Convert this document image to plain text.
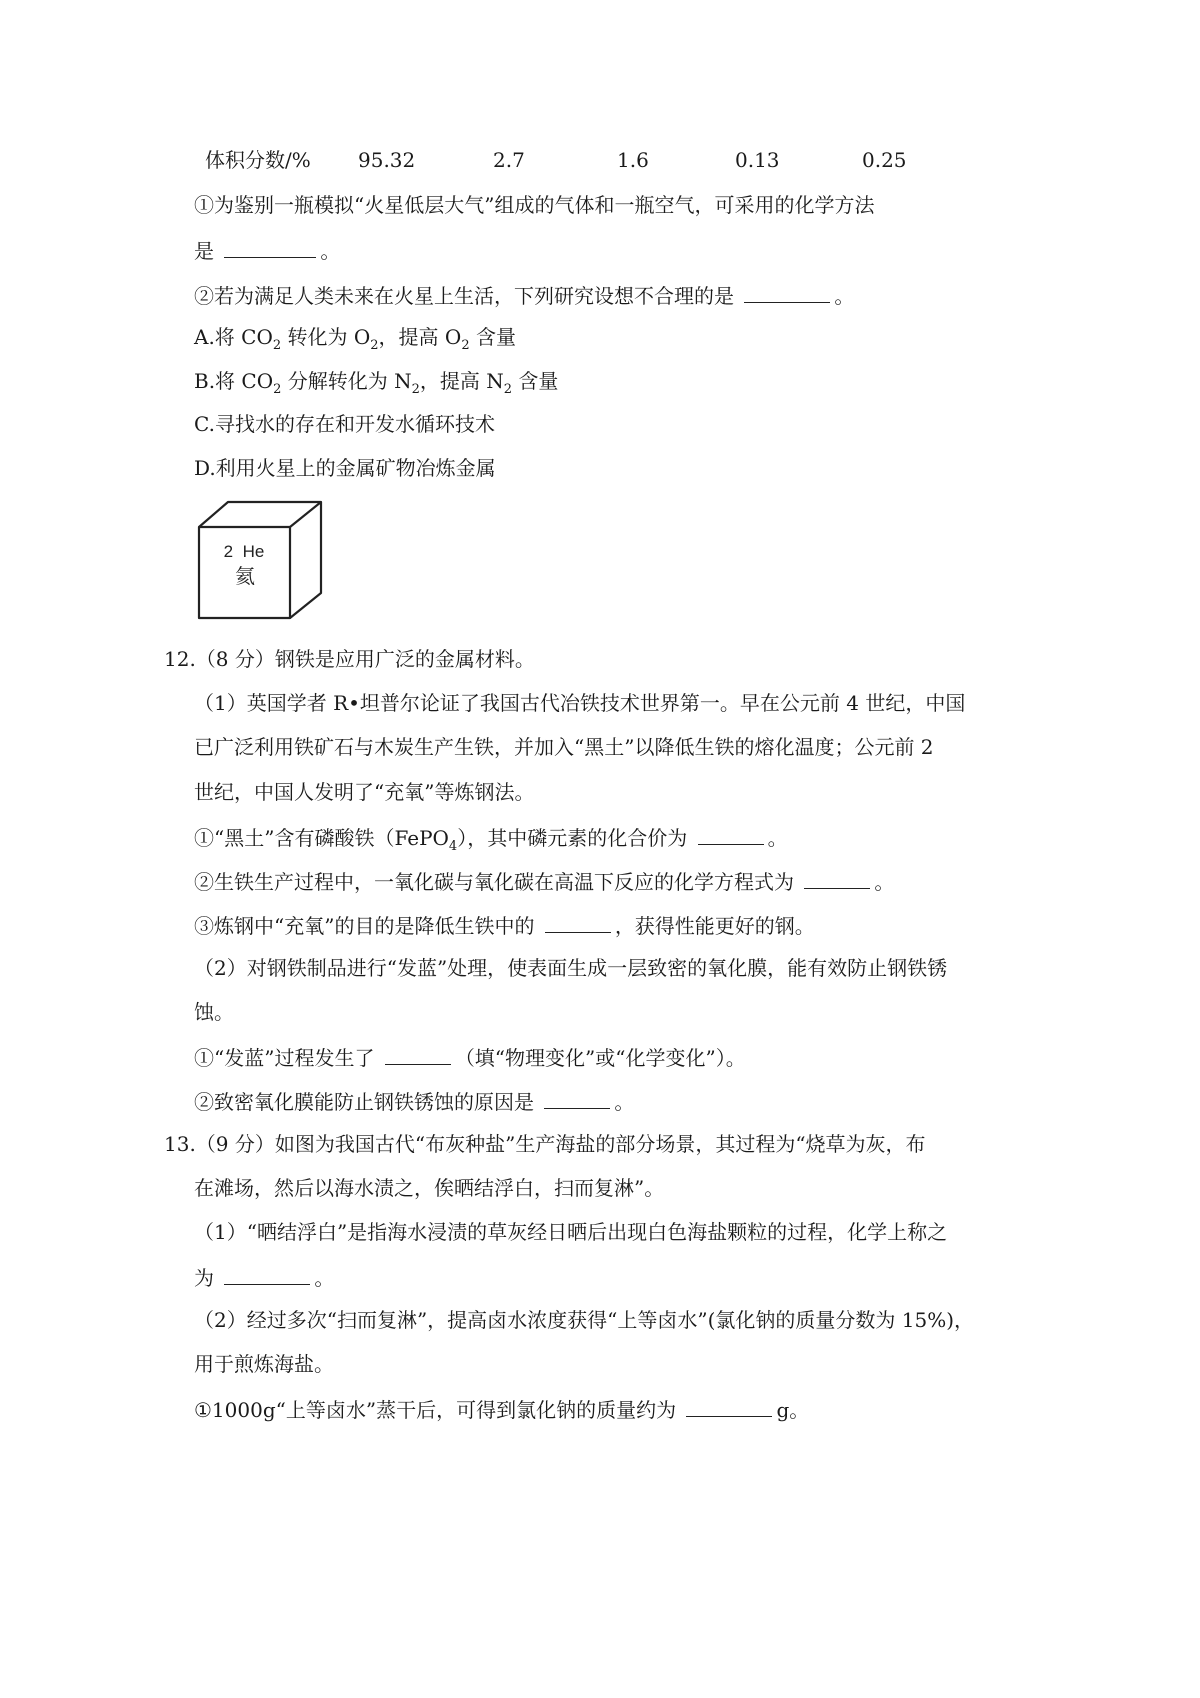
体积分数/% 95.32	2.7	1.6	0.13	0.25
①为鉴别一瓶模拟“火星低层大气”组成的气体和一瓶空气，可采用的化学方法
是	。
②若为满足人类未来在火星上生活，下列研究设想不合理的是	。
A.将 $CO_2$ 转化为 $O_2$，提高 $O_2$ 含量
B.将 $CO_2$ 分解转化为 $N_2$，提高 $N_2$ 含量
C.寻找水的存在和开发水循环技术
D.利用火星上的金属矿物冶炼金属
2  He
氦
12.（8 分）钢铁是应用广泛的金属材料。
（1）英国学者 R•坦普尔论证了我国古代冶铁技术世界第一。早在公元前 4 世纪，中国
已广泛利用铁矿石与木炭生产生铁，并加入“黑土”以降低生铁的熔化温度；公元前 2
世纪，中国人发明了“充氧”等炼钢法。
①“黑土”含有磷酸铁（FePO$_4$），其中磷元素的化合价为	。
②生铁生产过程中，一氧化碳与氧化碳在高温下反应的化学方程式为	。
③炼钢中“充氧”的目的是降低生铁中的	，获得性能更好的钢。
（2）对钢铁制品进行“发蓝”处理，使表面生成一层致密的氧化膜，能有效防止钢铁锈
蚀。
①“发蓝”过程发生了	（填“物理变化”或“化学变化”）。
②致密氧化膜能防止钢铁锈蚀的原因是	。
13.（9 分）如图为我国古代“布灰种盐”生产海盐的部分场景，其过程为“烧草为灰，布
在滩场，然后以海水渍之，俟晒结浮白，扫而复淋”。
（1）“晒结浮白”是指海水浸渍的草灰经日晒后出现白色海盐颗粒的过程，化学上称之
为	。
（2）经过多次“扫而复淋”，提高卤水浓度获得“上等卤水”(氯化钠的质量分数为 15%)，
用于煎炼海盐。
①1000g“上等卤水”蒸干后，可得到氯化钠的质量约为	g。
